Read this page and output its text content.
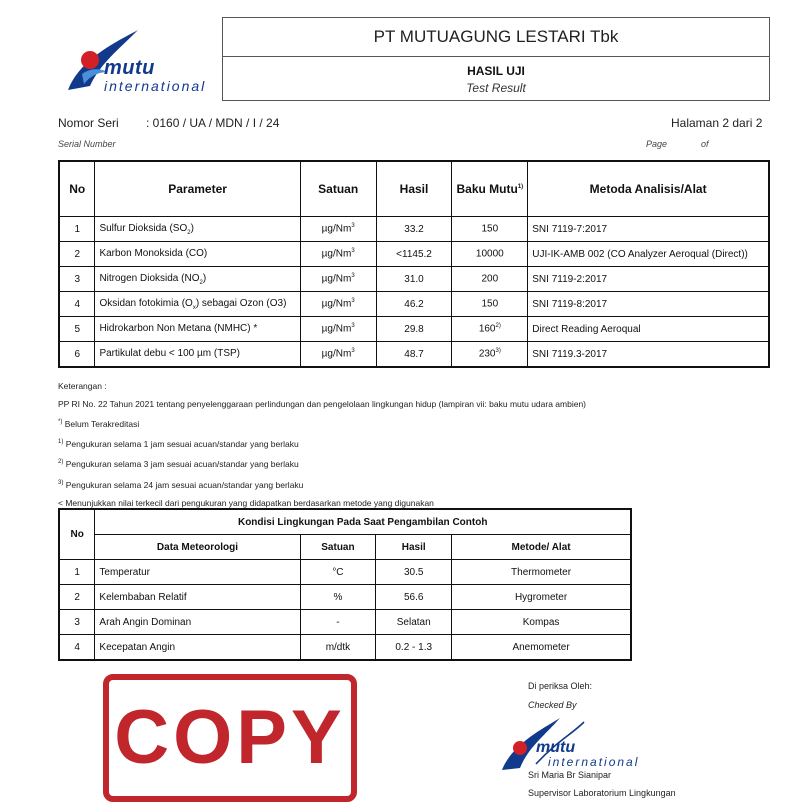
mutu
international
PT MUTUAGUNG LESTARI Tbk
HASIL UJI
Test Result
Nomor Seri : 0160 / UA / MDN / I / 24
Serial Number
Halaman 2 dari 2
Page	of
No	Parameter	Satuan	Hasil	Baku Mutu$^{1)}$	Metoda Analisis/Alat
1	Sulfur Dioksida $(SO_2)$	µg/Nm$^3$	33.2	150	SNI 7119-7:2017
2	Karbon Monoksida (CO)	$\mu g/Nm^3$	<1145.2	10000	UJI-IK-AMB 002 (CO Analyzer Aeroqual (Direct))
3	Nitrogen Dioksida $(NO_2)$	µg/Nm$^3$	31.0	200	SNI 7119-2:2017
4	Oksidan fotokimia $(O_x)$ sebagai Ozon (O3)	µg/Nm$^3$	46.2	150	SNI 7119-8:2017
5	Hidrokarbon Non Metana (NMHC) *	µg/Nm$^3$	29.8	160$^{2)}$	Direct Reading Aeroqual
6	Partikulat debu < 100 µm (TSP)	µg/Nm$^3$	48.7	230$^{3)}$	SNI 7119.3-2017
Keterangan :
PP RI No. 22 Tahun 2021 tentang penyelenggaraan perlindungan dan pengelolaan lingkungan hidup (lampiran vii: baku mutu udara ambien)
*) Belum Terakreditasi
$^{1)}$ Pengukuran selama 1 jam sesuai acuan/standar yang berlaku
$^{2)}$ Pengukuran selama 3 jam sesuai acuan/standar yang berlaku
$^{3)}$ Pengukuran selama 24 jam sesuai acuan/standar yang berlaku
< Menunjukkan nilai terkecil dari pengukuran yang didapatkan berdasarkan metode yang digunakan
No	Kondisi Lingkungan Pada Saat Pengambilan Contoh			
	Data Meteorologi	Satuan	Hasil	Metode/ Alat
1	Temperatur	°C	30.5	Thermometer
2	Kelembaban Relatif	%	56.6	Hygrometer
3	Arah Angin Dominan	-	Selatan	Kompas
4	Kecepatan Angin	m/dtk	0.2 - 1.3	Anemometer
COPY
Di periksa Oleh:
Checked By
mutu
international
Sri Maria Br Sianipar
Supervisor Laboratorium Lingkungan
